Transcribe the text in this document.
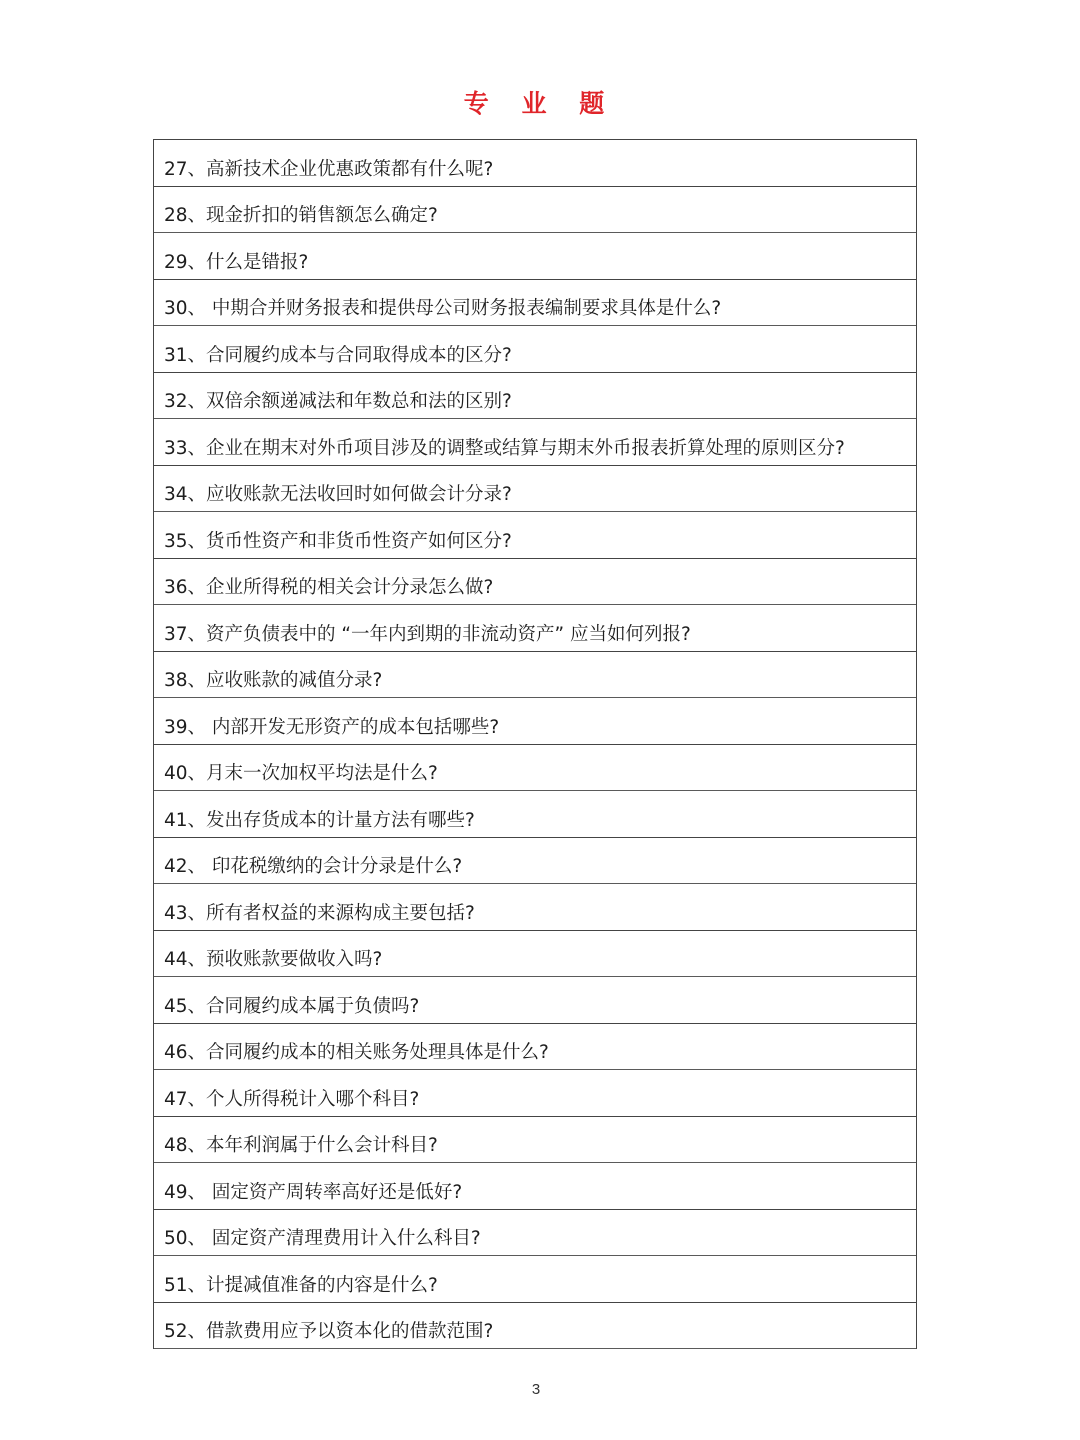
专 业 题
27、高新技术企业优惠政策都有什么呢?
28、现金折扣的销售额怎么确定?
29、什么是错报?
30、 中期合并财务报表和提供母公司财务报表编制要求具体是什么?
31、合同履约成本与合同取得成本的区分?
32、双倍余额递减法和年数总和法的区别?
33、企业在期末对外币项目涉及的调整或结算与期末外币报表折算处理的原则区分?
34、应收账款无法收回时如何做会计分录?
35、货币性资产和非货币性资产如何区分?
36、企业所得税的相关会计分录怎么做?
37、资产负债表中的 “一年内到期的非流动资产” 应当如何列报?
38、应收账款的减值分录?
39、 内部开发无形资产的成本包括哪些?
40、月末一次加权平均法是什么?
41、发出存货成本的计量方法有哪些?
42、 印花税缴纳的会计分录是什么?
43、所有者权益的来源构成主要包括?
44、预收账款要做收入吗?
45、合同履约成本属于负债吗?
46、合同履约成本的相关账务处理具体是什么?
47、个人所得税计入哪个科目?
48、本年利润属于什么会计科目?
49、 固定资产周转率高好还是低好?
50、 固定资产清理费用计入什么科目?
51、计提减值准备的内容是什么?
52、借款费用应予以资本化的借款范围?
3
